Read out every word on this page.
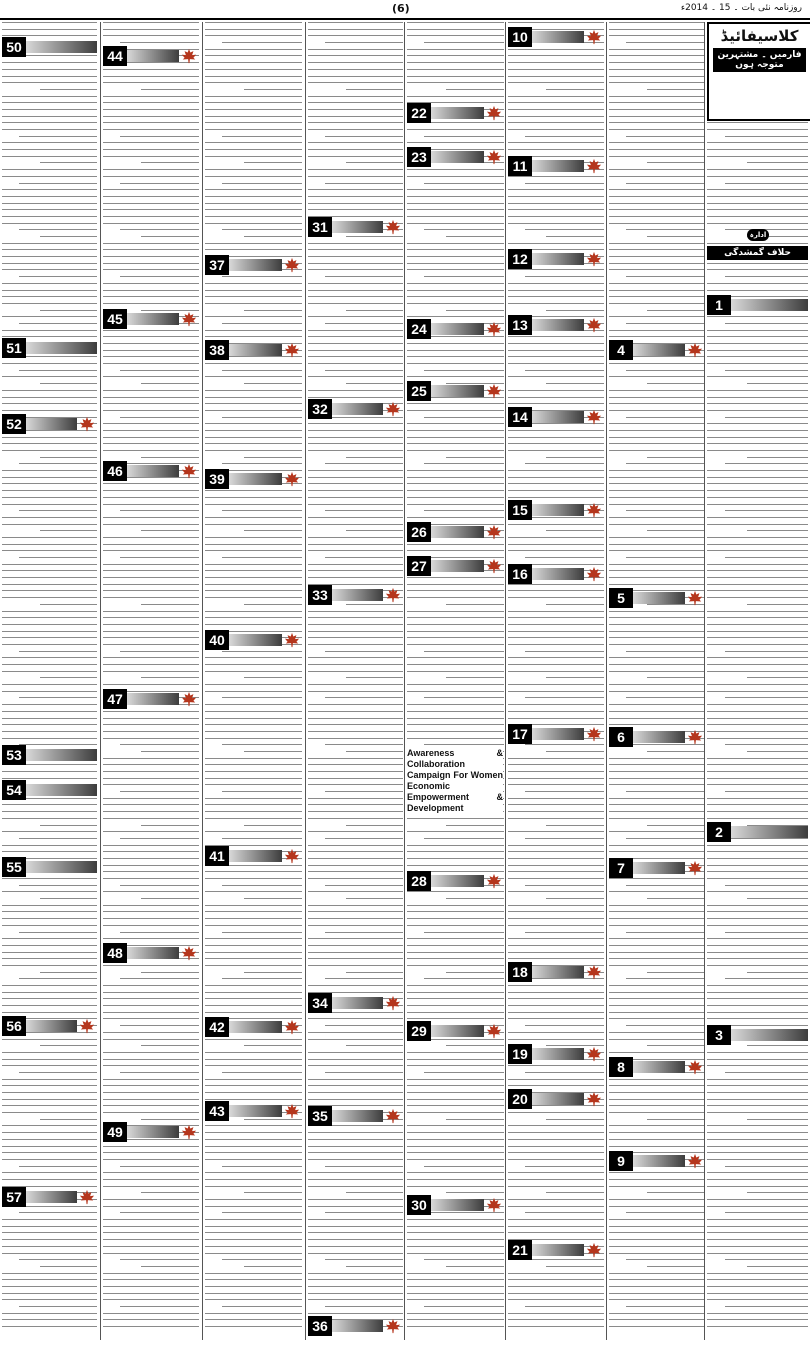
(6)	روزنامہ نئی بات ۔ 15 ۔ 2014ء
کلاسیفائیڈ
فارمیں ۔ مشتہرین متوجہ ہوں
ادارہ
حلاف گمشدگی
Awareness & Collaboration Campaign For Women Economic Empowerment & Development
50
51
52
53
54
55
56
57
44
45
46
47
48
49
37
38
39
40
41
42
43
31
32
33
34
35
36
22
23
24
25
26
27
28
29
30
10
11
12
13
14
15
16
17
18
19
20
21
4
5
6
7
8
9
1
2
3
